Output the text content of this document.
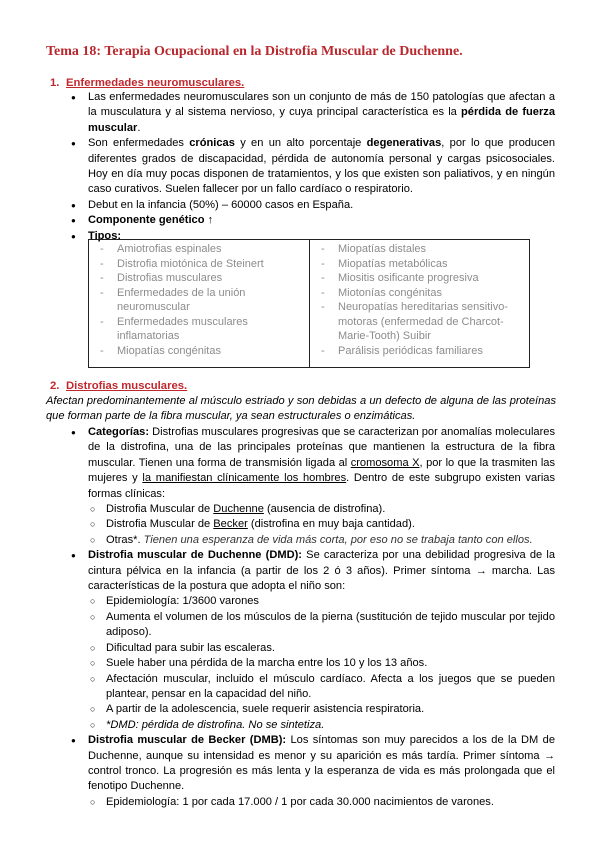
Tema 18: Terapia Ocupacional en la Distrofia Muscular de Duchenne.
1. Enfermedades neuromusculares.
● Las enfermedades neuromusculares son un conjunto de más de 150 patologías que afectan a la musculatura y al sistema nervioso, y cuya principal característica es la pérdida de fuerza muscular.
● Son enfermedades crónicas y en un alto porcentaje degenerativas, por lo que producen diferentes grados de discapacidad, pérdida de autonomía personal y cargas psicosociales. Hoy en día muy pocas disponen de tratamientos, y los que existen son paliativos, y en ningún caso curativos. Suelen fallecer por un fallo cardíaco o respiratorio.
● Debut en la infancia (50%) – 60000 casos en España.
● Componente genético ↑
● Tipos:
- Amiotrofias espinales
- Distrofia miotónica de Steinert
- Distrofias musculares
- Enfermedades de la unión neuromuscular
- Enfermedades musculares inflamatorias
- Miopatías congénitas
- Miopatías distales
- Miopatías metabólicas
- Miositis osificante progresiva
- Miotonías congénitas
- Neuropatías hereditarias sensitivo-motoras (enfermedad de Charcot-Marie-Tooth) Suibir
- Parálisis periódicas familiares
2. Distrofias musculares.
Afectan predominantemente al músculo estriado y son debidas a un defecto de alguna de las proteínas que forman parte de la fibra muscular, ya sean estructurales o enzimáticas.
● Categorías: Distrofias musculares progresivas que se caracterizan por anomalías moleculares de la distrofina, una de las principales proteínas que mantienen la estructura de la fibra muscular. Tienen una forma de transmisión ligada al cromosoma X, por lo que la trasmiten las mujeres y la manifiestan clínicamente los hombres. Dentro de este subgrupo existen varias formas clínicas:
○ Distrofia Muscular de Duchenne (ausencia de distrofina).
○ Distrofia Muscular de Becker (distrofina en muy baja cantidad).
○ Otras*. Tienen una esperanza de vida más corta, por eso no se trabaja tanto con ellos.
● Distrofia muscular de Duchenne (DMD): Se caracteriza por una debilidad progresiva de la cintura pélvica en la infancia (a partir de los 2 ó 3 años). Primer síntoma → marcha. Las características de la postura que adopta el niño son:
○ Epidemiología: 1/3600 varones
○ Aumenta el volumen de los músculos de la pierna (sustitución de tejido muscular por tejido adiposo).
○ Dificultad para subir las escaleras.
○ Suele haber una pérdida de la marcha entre los 10 y los 13 años.
○ Afectación muscular, incluido el músculo cardíaco. Afecta a los juegos que se pueden plantear, pensar en la capacidad del niño.
○ A partir de la adolescencia, suele requerir asistencia respiratoria.
○ *DMD: pérdida de distrofina. No se sintetiza.
● Distrofia muscular de Becker (DMB): Los síntomas son muy parecidos a los de la DM de Duchenne, aunque su intensidad es menor y su aparición es más tardía. Primer síntoma → control tronco. La progresión es más lenta y la esperanza de vida es más prolongada que el fenotipo Duchenne.
○ Epidemiología: 1 por cada 17.000 / 1 por cada 30.000 nacimientos de varones.
